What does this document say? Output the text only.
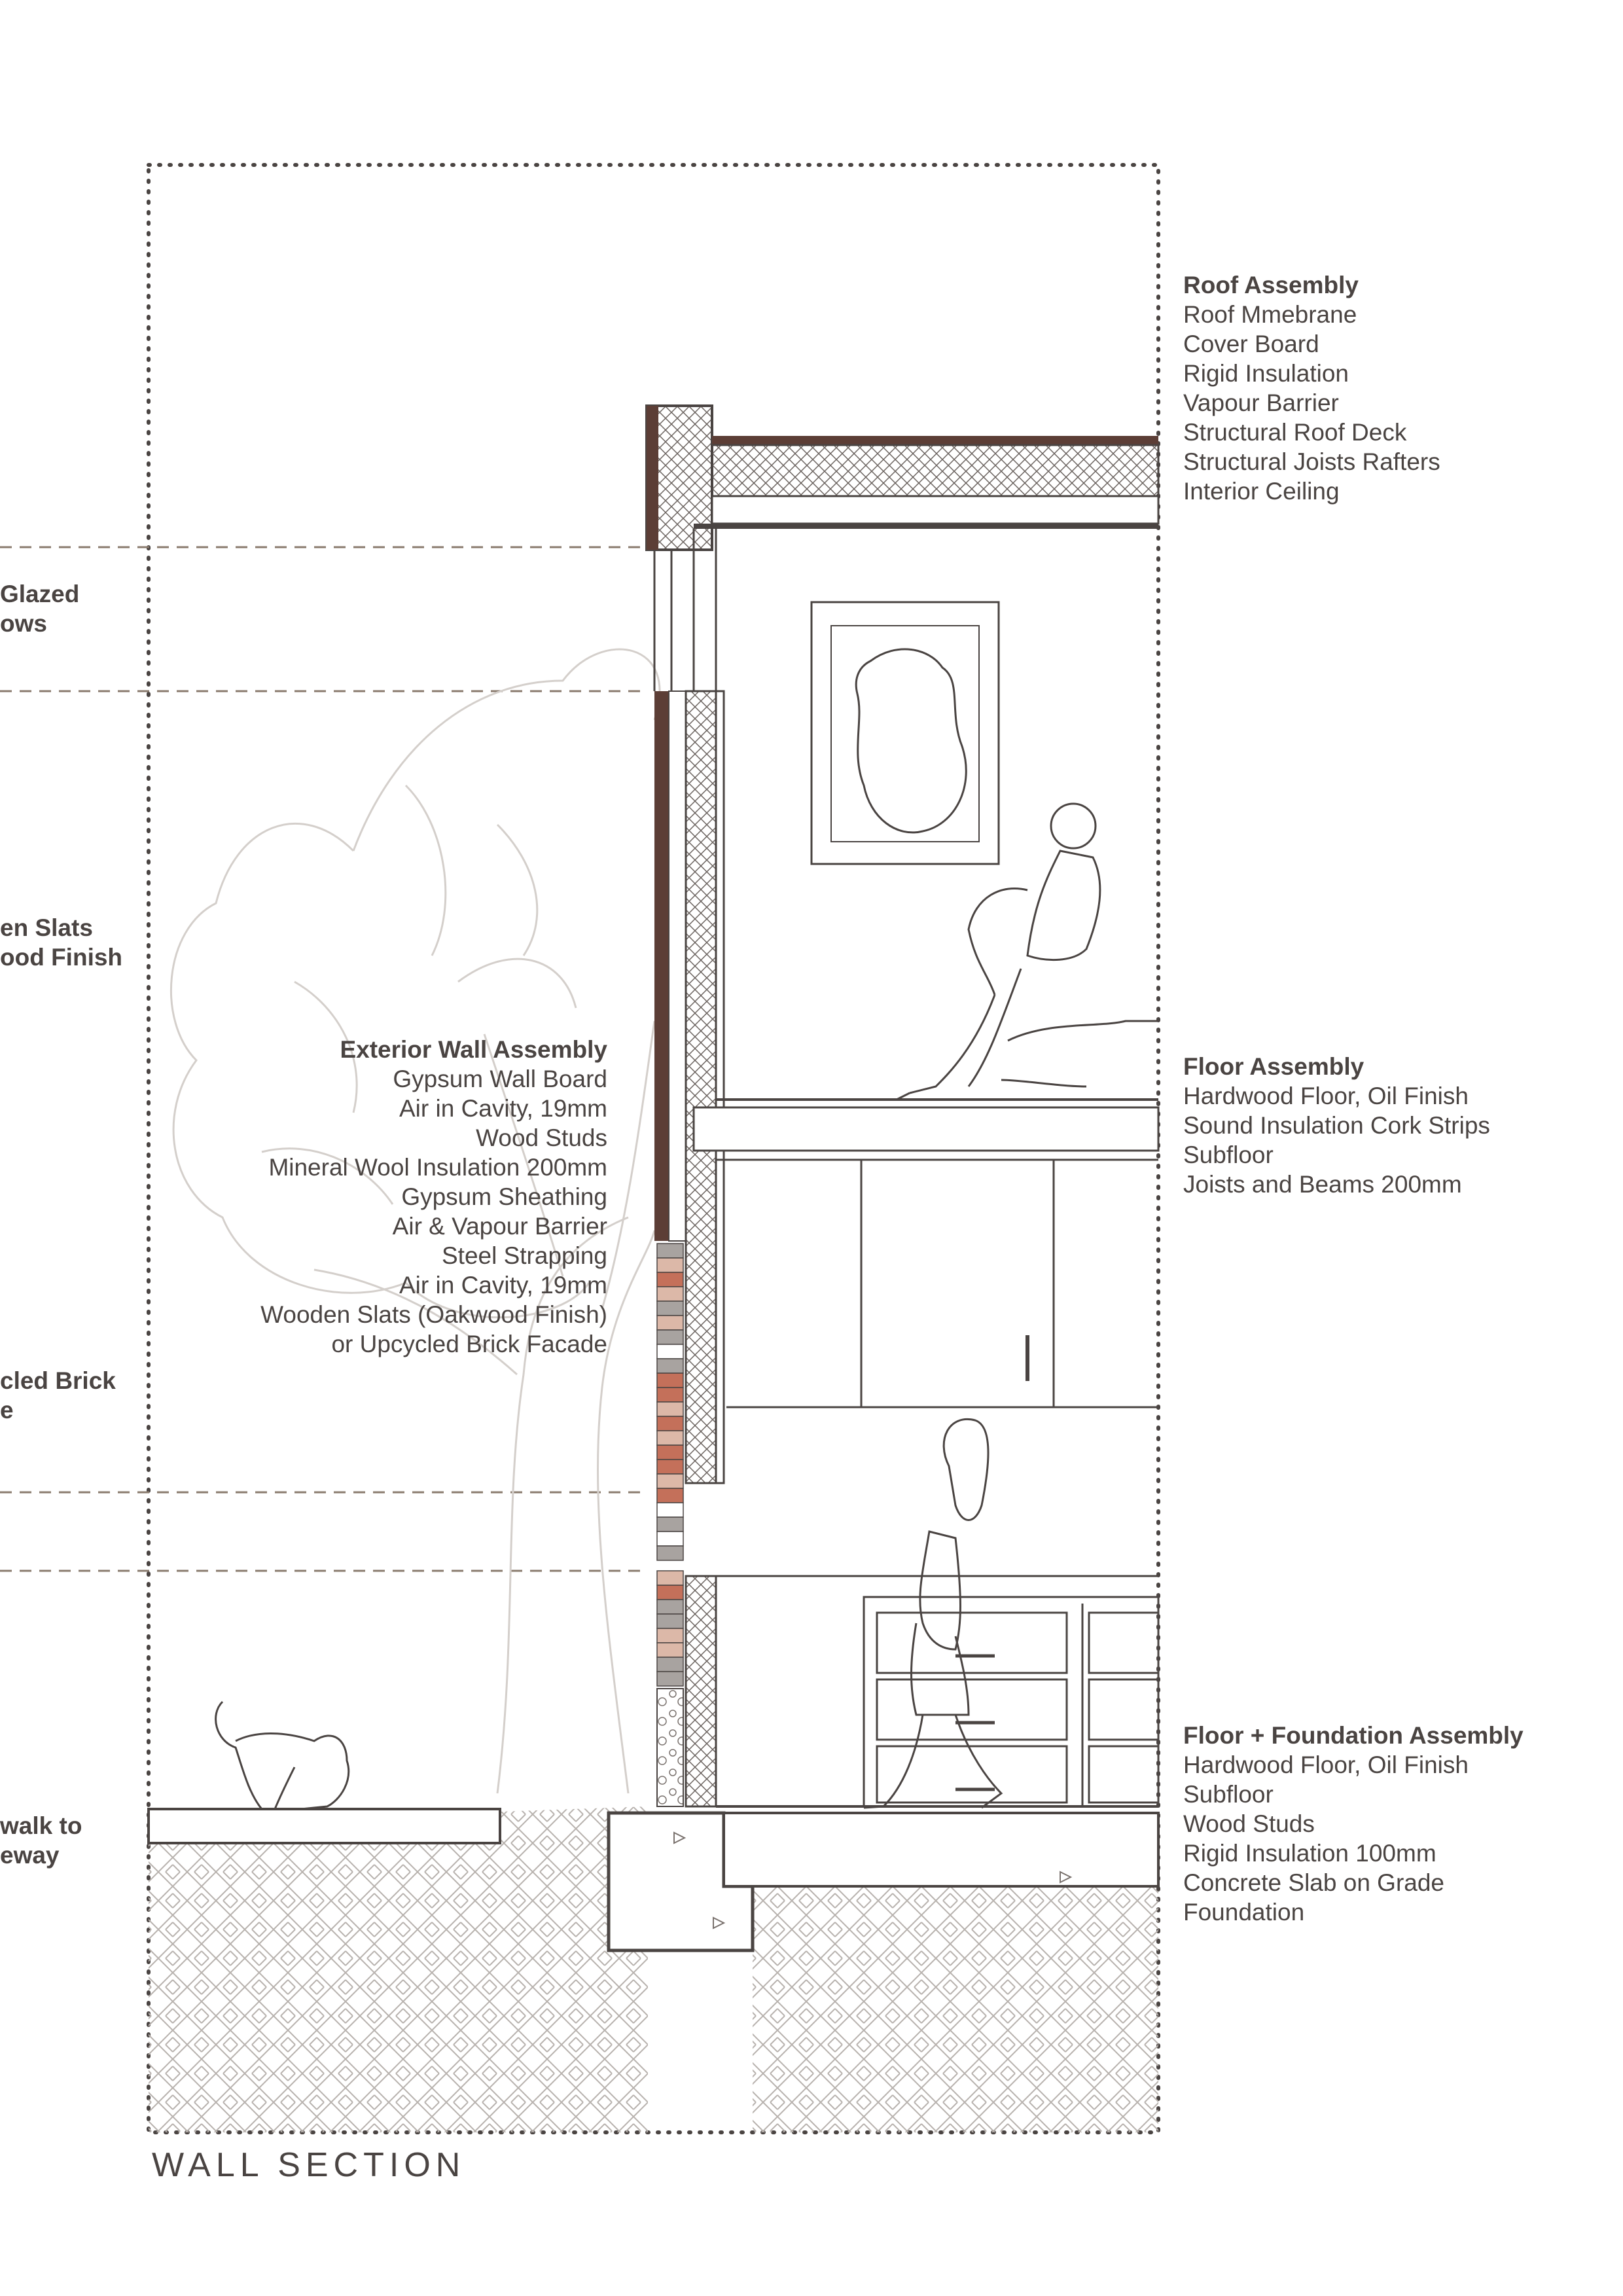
Roof Assembly
Roof Mmebrane
Cover Board
Rigid Insulation
Vapour Barrier
Structural Roof Deck
Structural Joists Rafters
Interior Ceiling
Floor Assembly
Hardwood Floor, Oil Finish
Sound Insulation Cork Strips
Subfloor
Joists and Beams 200mm
Floor + Foundation Assembly
Hardwood Floor, Oil Finish
Subfloor
Wood Studs
Rigid Insulation 100mm
Concrete Slab on Grade
Foundation
Exterior Wall Assembly
Gypsum Wall Board
Air in Cavity, 19mm
Wood Studs
Mineral Wool Insulation 200mm
Gypsum Sheathing
Air & Vapour Barrier
Steel Strapping
Air in Cavity, 19mm
Wooden Slats (Oakwood Finish)
or Upcycled Brick Facade
Glazed
ows
en Slats
ood Finish
cled Brick
e
walk to
eway
WALL SECTION
